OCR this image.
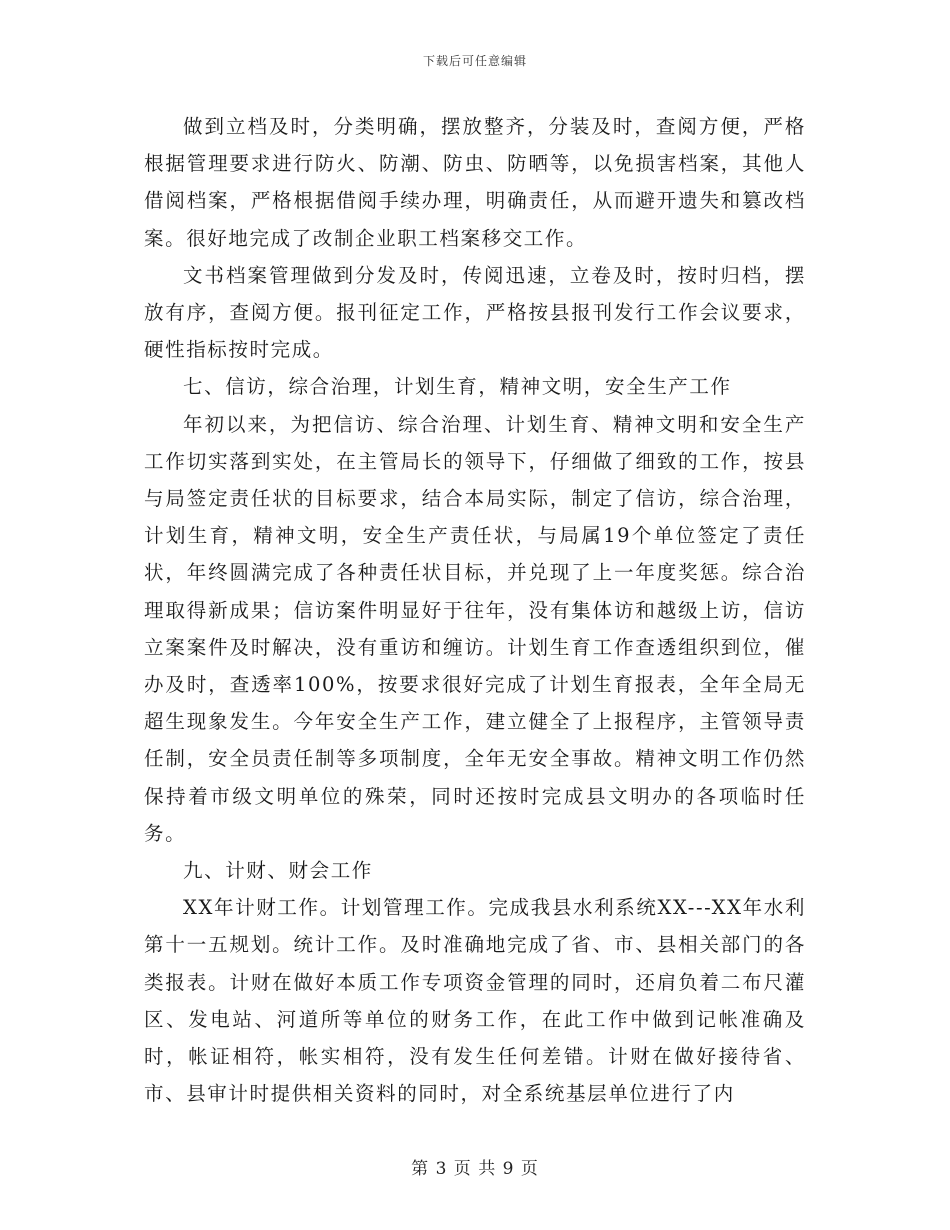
下载后可任意编辑

做到立档及时，分类明确，摆放整齐，分装及时，查阅方便，严格根据管理要求进行防火、防潮、防虫、防晒等，以免损害档案，其他人借阅档案，严格根据借阅手续办理，明确责任，从而避开遗失和篡改档案。很好地完成了改制企业职工档案移交工作。

文书档案管理做到分发及时，传阅迅速，立卷及时，按时归档，摆放有序，查阅方便。报刊征定工作，严格按县报刊发行工作会议要求，硬性指标按时完成。

七、信访，综合治理，计划生育，精神文明，安全生产工作

年初以来，为把信访、综合治理、计划生育、精神文明和安全生产工作切实落到实处，在主管局长的领导下，仔细做了细致的工作，按县与局签定责任状的目标要求，结合本局实际，制定了信访，综合治理，计划生育，精神文明，安全生产责任状，与局属19个单位签定了责任状，年终圆满完成了各种责任状目标，并兑现了上一年度奖惩。综合治理取得新成果；信访案件明显好于往年，没有集体访和越级上访，信访立案案件及时解决，没有重访和缠访。计划生育工作查透组织到位，催办及时，查透率100%，按要求很好完成了计划生育报表，全年全局无超生现象发生。今年安全生产工作，建立健全了上报程序，主管领导责任制，安全员责任制等多项制度，全年无安全事故。精神文明工作仍然保持着市级文明单位的殊荣，同时还按时完成县文明办的各项临时任务。

九、计财、财会工作

XX年计财工作。计划管理工作。完成我县水利系统XX---XX年水利第十一五规划。统计工作。及时准确地完成了省、市、县相关部门的各类报表。计财在做好本质工作专项资金管理的同时，还肩负着二布尺灌区、发电站、河道所等单位的财务工作，在此工作中做到记帐准确及时，帐证相符，帐实相符，没有发生任何差错。计财在做好接待省、市、县审计时提供相关资料的同时，对全系统基层单位进行了内

第 3 页 共 9 页
